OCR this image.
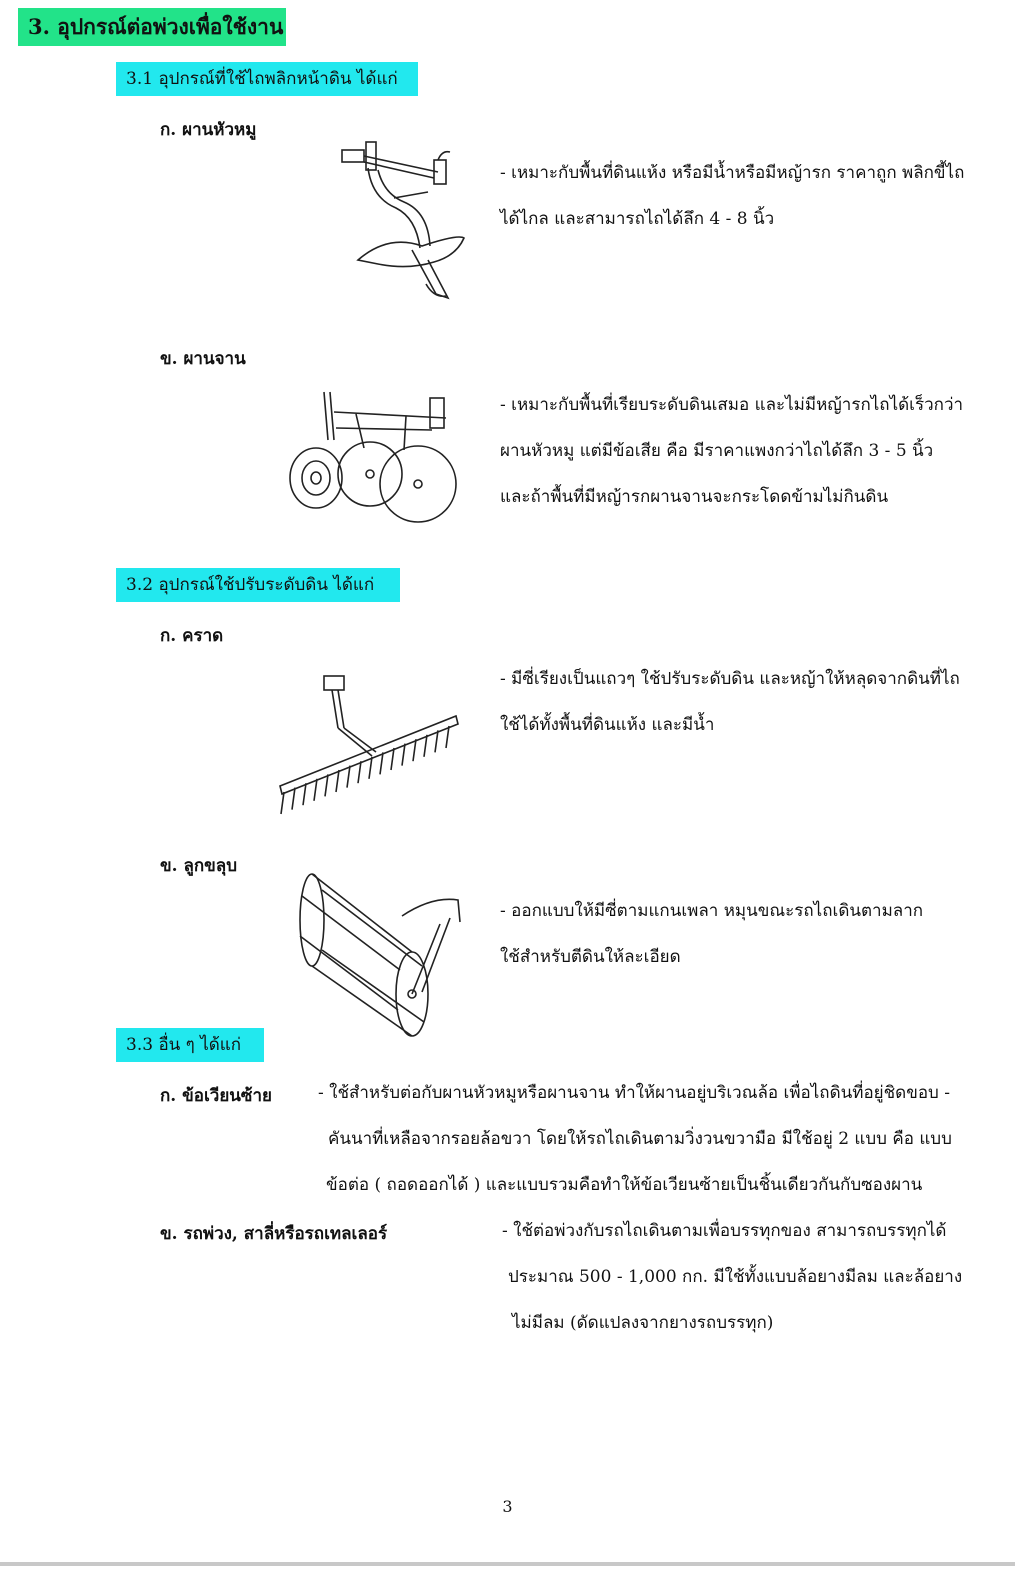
3. อุปกรณ์ต่อพ่วงเพื่อใช้งาน
3.1 อุปกรณ์ที่ใช้ไถพลิกหน้าดิน ได้แก่
ก. ผานหัวหมู
- เหมาะกับพื้นที่ดินแห้ง หรือมีน้ำหรือมีหญ้ารก ราคาถูก พลิกขี้ไถ
ได้ไกล และสามารถไถได้ลึก 4 - 8 นิ้ว
ข. ผานจาน
- เหมาะกับพื้นที่เรียบระดับดินเสมอ และไม่มีหญ้ารกไถได้เร็วกว่า
ผานหัวหมู แต่มีข้อเสีย คือ มีราคาแพงกว่าไถได้ลึก 3 - 5 นิ้ว
และถ้าพื้นที่มีหญ้ารกผานจานจะกระโดดข้ามไม่กินดิน
3.2 อุปกรณ์ใช้ปรับระดับดิน ได้แก่
ก. คราด
- มีซี่เรียงเป็นแถวๆ ใช้ปรับระดับดิน และหญ้าให้หลุดจากดินที่ไถ
ใช้ได้ทั้งพื้นที่ดินแห้ง และมีน้ำ
ข. ลูกขลุบ
- ออกแบบให้มีซี่ตามแกนเพลา หมุนขณะรถไถเดินตามลาก
ใช้สำหรับตีดินให้ละเอียด
3.3 อื่น ๆ ได้แก่
ก. ข้อเวียนซ้าย	- ใช้สำหรับต่อกับผานหัวหมูหรือผานจาน ทำให้ผานอยู่บริเวณล้อ เพื่อไถดินที่อยู่ชิดขอบ -
คันนาที่เหลือจากรอยล้อขวา โดยให้รถไถเดินตามวิ่งวนขวามือ มีใช้อยู่ 2 แบบ คือ แบบ
ข้อต่อ ( ถอดออกได้ ) และแบบรวมคือทำให้ข้อเวียนซ้ายเป็นชิ้นเดียวกันกับซองผาน
ข. รถพ่วง, สาลี่หรือรถเทลเลอร์	- ใช้ต่อพ่วงกับรถไถเดินตามเพื่อบรรทุกของ สามารถบรรทุกได้
ประมาณ 500 - 1,000 กก. มีใช้ทั้งแบบล้อยางมีลม และล้อยาง
ไม่มีลม (ดัดแปลงจากยางรถบรรทุก)
3
